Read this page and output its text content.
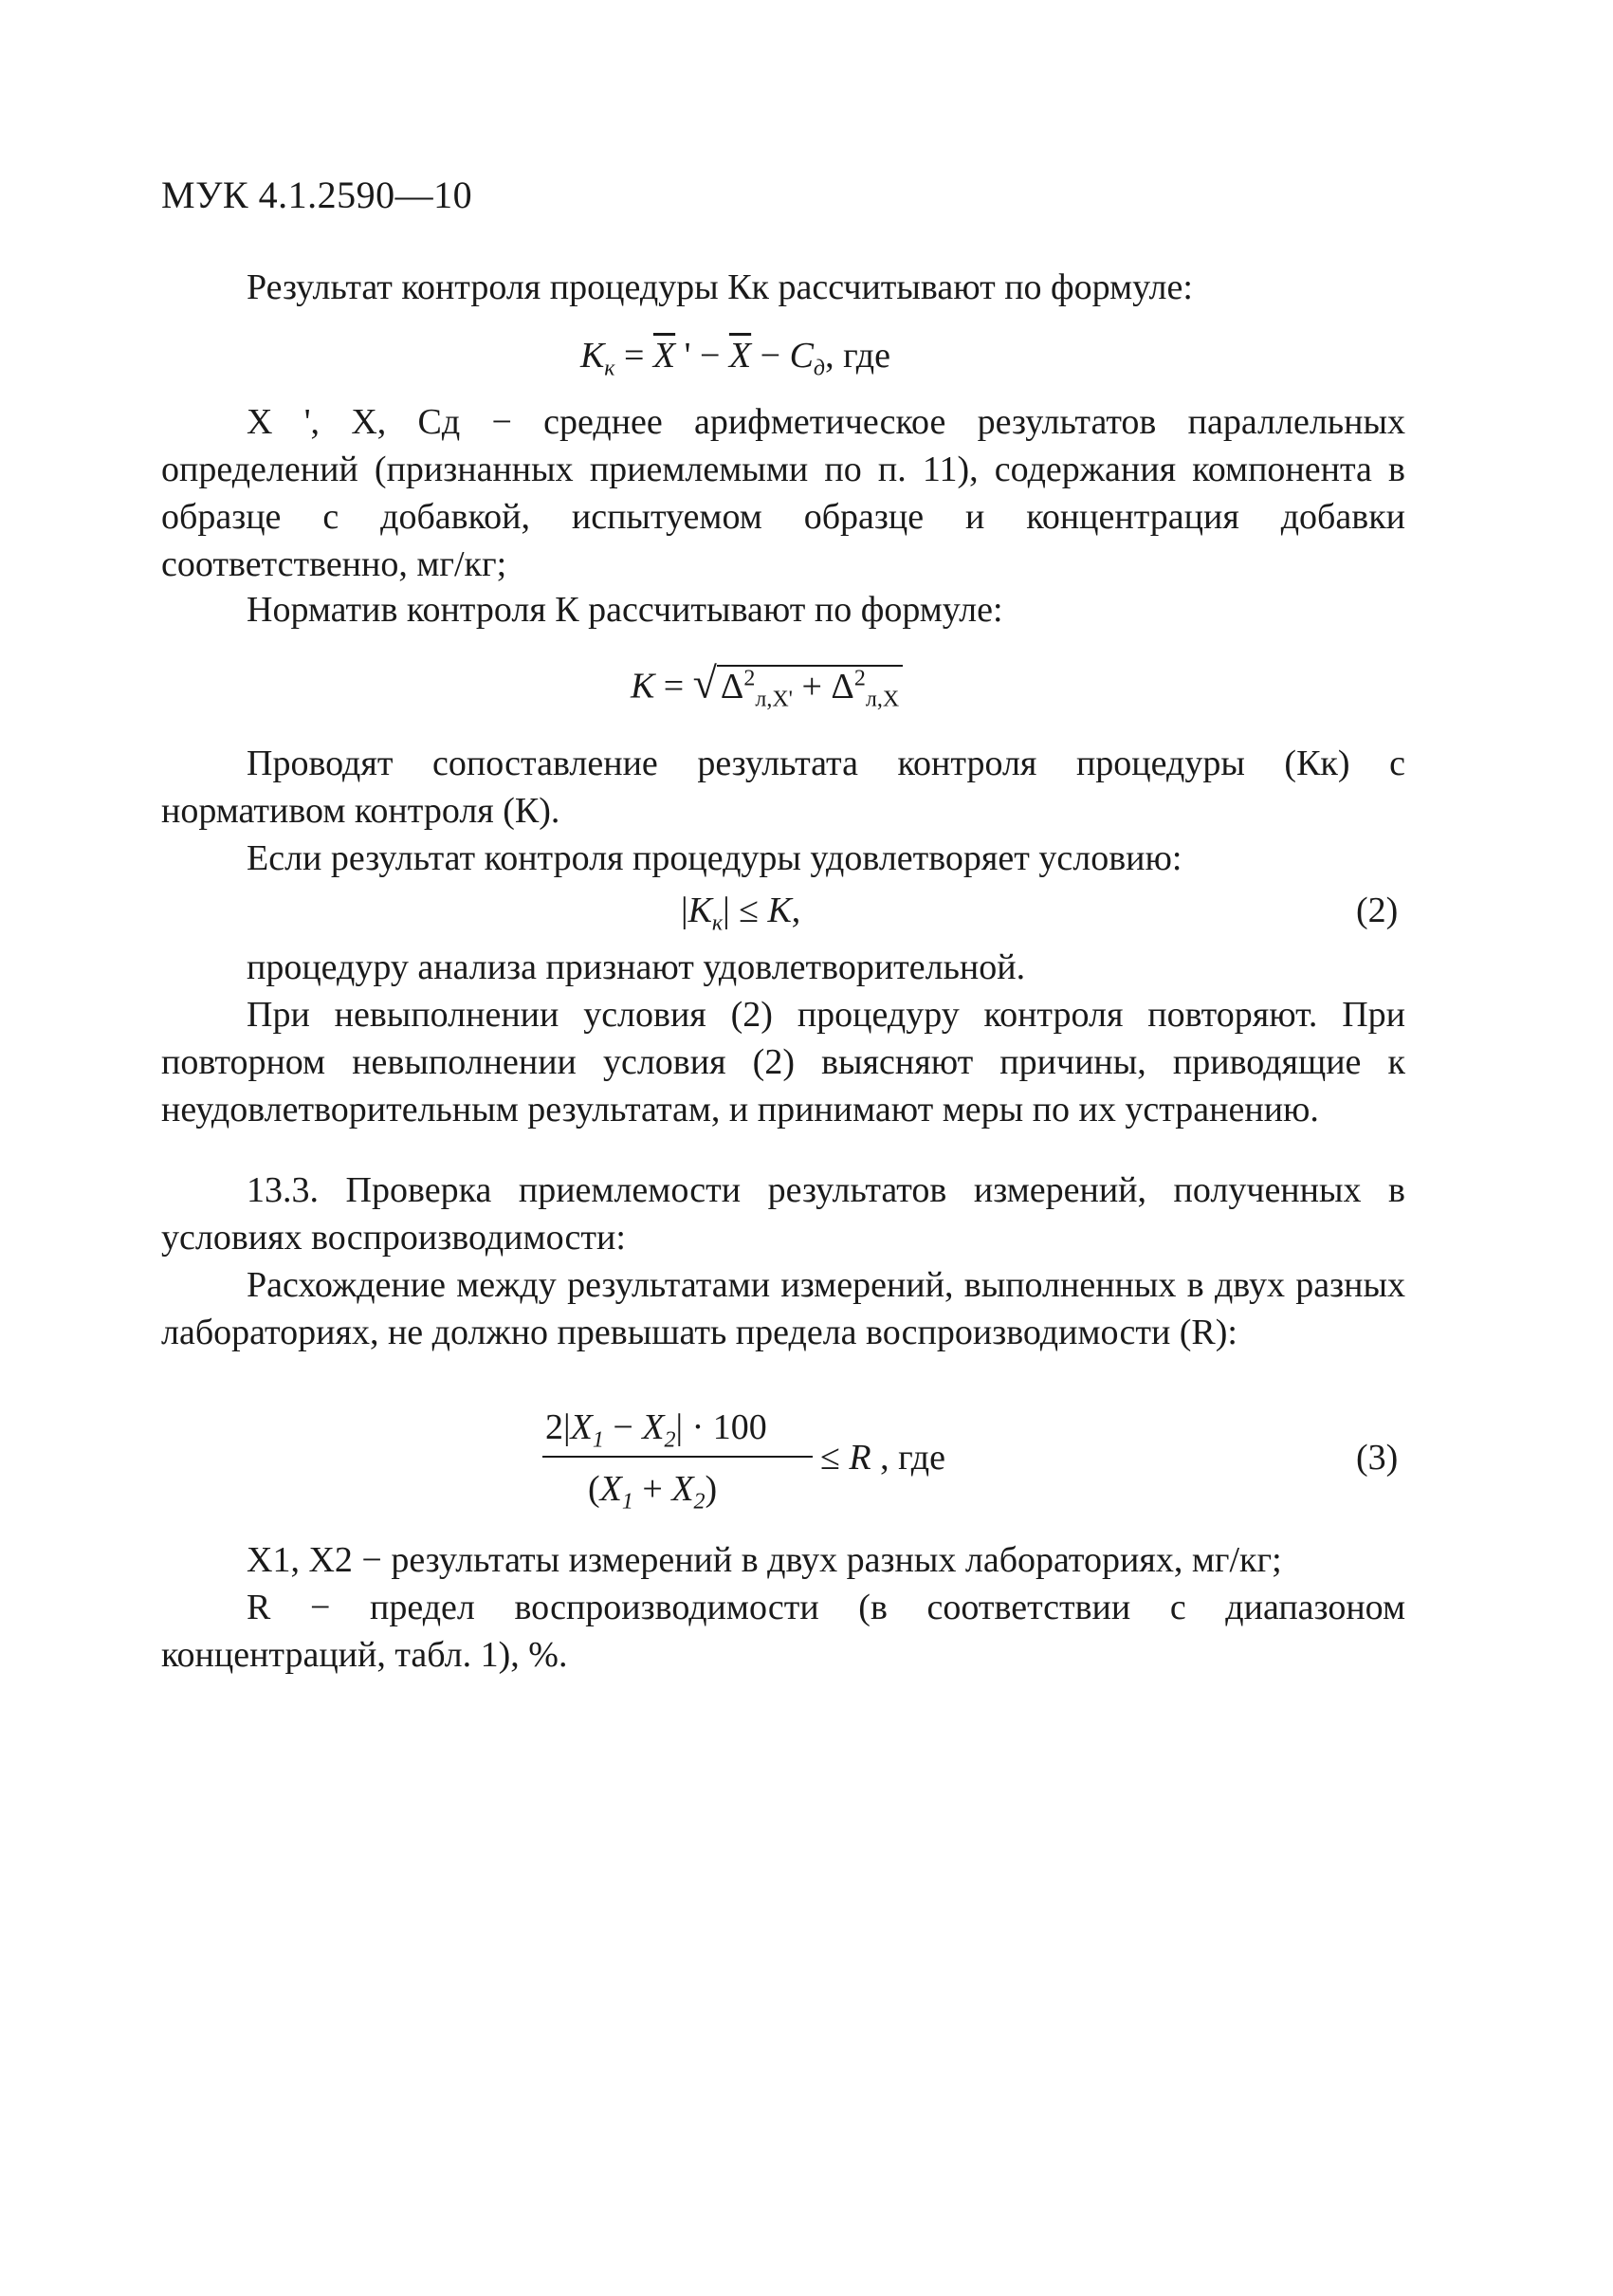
МУК 4.1.2590—10
Результат контроля процедуры Кк рассчитывают по формуле:
$К_к = \overline{X}$ ' − $\overline{X} - C_д$, где
X ', X, Cд − среднее арифметическое результатов параллельных определений (признанных приемлемыми по п. 11), содержания компонента в образце с добавкой, испытуемом образце и концентрация добавки соответственно, мг/кг;
Норматив контроля К рассчитывают по формуле:
К = √ $\Delta^2_{л,X'} + \Delta^2_{л,X}$
Проводят сопоставление результата контроля процедуры (Кк) с нормативом контроля (К).
Если результат контроля процедуры удовлетворяет условию:
$|К_к| \le К$,	(2)
процедуру анализа признают удовлетворительной.
При невыполнении условия (2) процедуру контроля повторяют. При повторном невыполнении условия (2) выясняют причины, приводящие к неудовлетворительным результатам, и принимают меры по их устранению.
13.3. Проверка приемлемости результатов измерений, полученных в условиях воспроизводимости:
Расхождение между результатами измерений, выполненных в двух разных лабораториях, не должно превышать предела воспроизводимости (R):
$2|X_1 - X_2| \cdot 100$
$(X_1 + X_2)$
≤ R , где	(3)
X1, X2 − результаты измерений в двух разных лабораториях, мг/кг;
R − предел воспроизводимости (в соответствии с диапазоном концентраций, табл. 1), %.
